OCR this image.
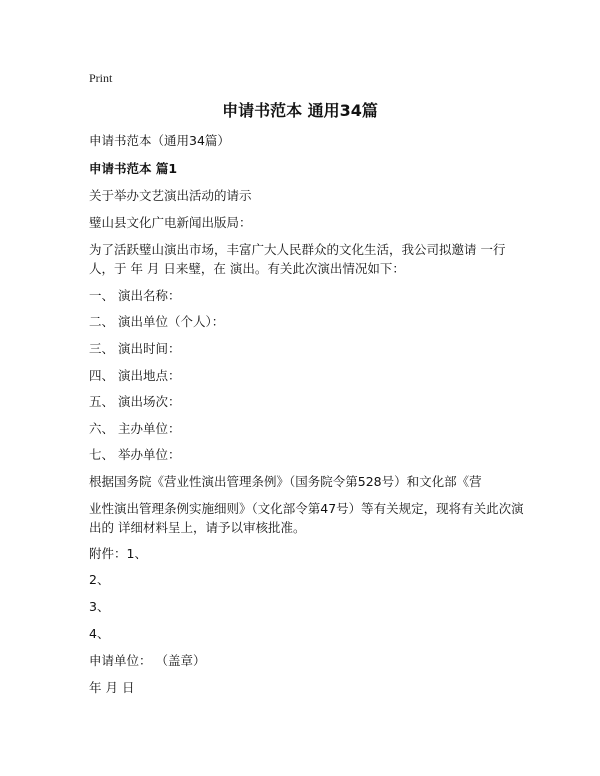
Print
申请书范本 通用34篇
申请书范本（通用34篇）
申请书范本 篇1
关于举办文艺演出活动的请示
璧山县文化广电新闻出版局：
为了活跃璧山演出市场，丰富广大人民群众的文化生活，我公司拟邀请 一行 人，于 年 月 日来璧，在 演出。有关此次演出情况如下：
一、 演出名称：
二、 演出单位（个人）：
三、 演出时间：
四、 演出地点：
五、 演出场次：
六、 主办单位：
七、 举办单位：
根据国务院《营业性演出管理条例》（国务院令第528号）和文化部《营
业性演出管理条例实施细则》（文化部令第47号）等有关规定，现将有关此次演出的 详细材料呈上，请予以审核批准。
附件：1、
2、
3、
4、
申请单位： （盖章）
年 月 日
